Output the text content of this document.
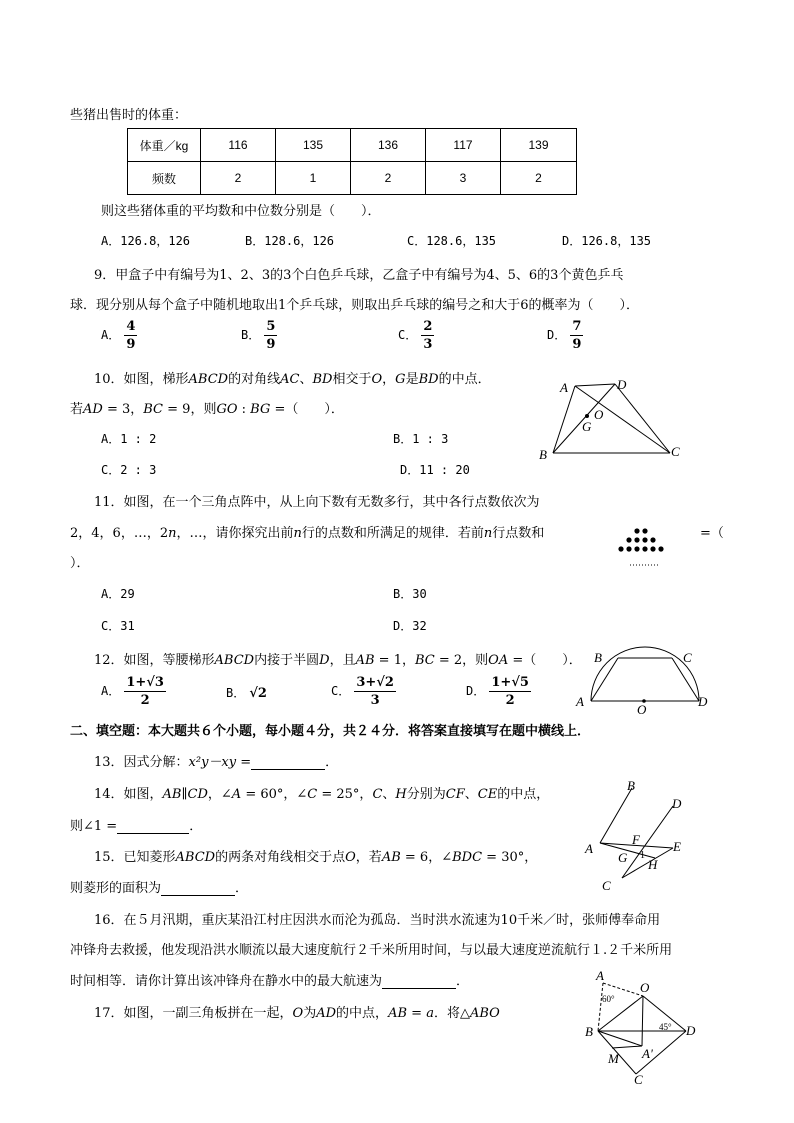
些猪出售时的体重：
体重／kg	116	135	136	117	139
频数	2	1	2	3	2
则这些猪体重的平均数和中位数分别是（　　）．
A．126.8，126	B．128.6，126	C．128.6，135	D．126.8，135
9．甲盒子中有编号为1、2、3的3个白色乒乓球，乙盒子中有编号为4、5、6的3个黄色乒乓
球．现分别从每个盒子中随机地取出1个乒乓球，则取出乒乓球的编号之和大于6的概率为（　　）．
A． $\frac{4}{9}$	B． $\frac{5}{9}$	C． $\frac{2}{3}$	D． $\frac{7}{9}$
10．如图，梯形ABCD的对角线AC、BD相交于O，G是BD的中点．
若AD = 3，BC = 9，则GO : BG =（　　）．
A．1 : 2	B．1 : 3
C．2 : 3	D．11 : 20
A	D
O
G
B	C
11．如图，在一个三角点阵中，从上向下数有无数多行，其中各行点数依次为
2，4，6，…，2n，…，请你探究出前n行的点数和所满足的规律．若前n行点数和	=（
）．
A．29	B．30
C．31	D．32
12．如图，等腰梯形ABCD内接于半圆D，且AB = 1，BC = 2，则OA =（　　）．
A． $\frac{1+√3}{2}$	B． √2	C． $\frac{3+√2}{3}$	D． $\frac{1+√5}{2}$
B	C
A
O
D
二、填空题：本大题共６个小题，每小题４分，共２４分．将答案直接填写在题中横线上．
13．因式分解：x²y－xy =	．
14．如图，AB∥CD，∠A = 60°，∠C = 25°，C、H分别为CF、CE的中点，
则∠1 =	．
B
D
A
F	E
G 1
H
C
15．已知菱形ABCD的两条对角线相交于点O，若AB = 6，∠BDC = 30°，
则菱形的面积为	．
16．在５月汛期，重庆某沿江村庄因洪水而沦为孤岛．当时洪水流速为10千米／时，张师傅奉命用
冲锋舟去救援，他发现沿洪水顺流以最大速度航行２千米所用时间，与以最大速度逆流航行１.２千米所用
时间相等．请你计算出该冲锋舟在静水中的最大航速为	．
17．如图，一副三角板拼在一起，O为AD的中点，AB = a．将△ABO
A
60°
O
B	D
45°
A'
M
C
